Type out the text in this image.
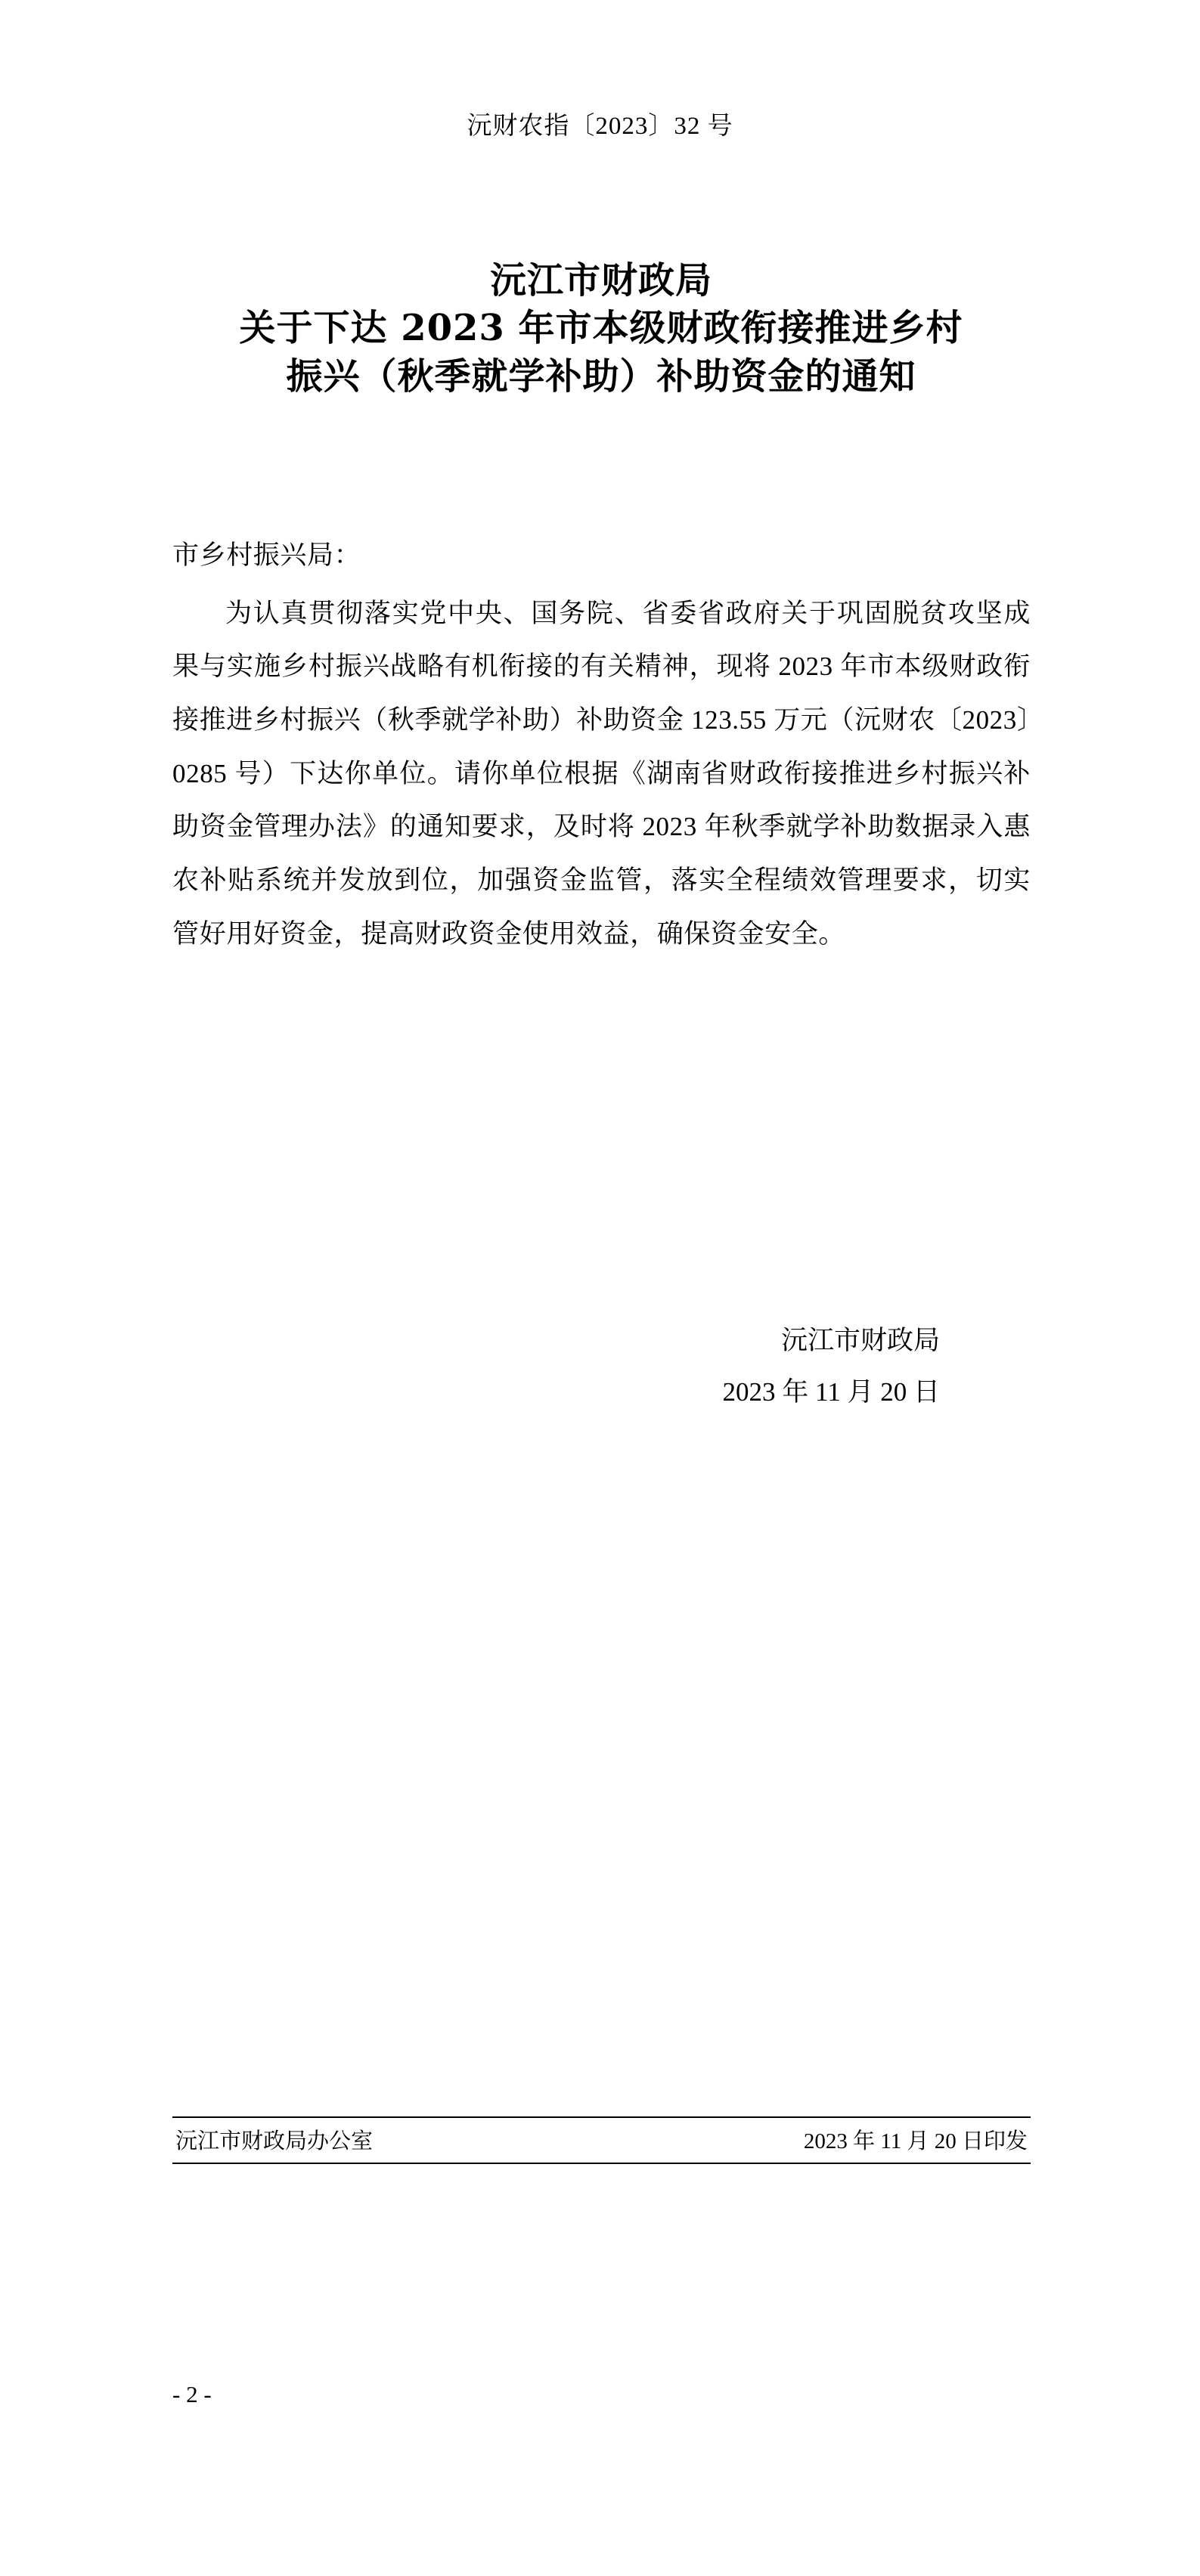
沅财农指〔2023〕32 号
沅江市财政局
关于下达 2023 年市本级财政衔接推进乡村
振兴（秋季就学补助）补助资金的通知

市乡村振兴局：

为认真贯彻落实党中央、国务院、省委省政府关于巩固脱贫攻坚成果与实施乡村振兴战略有机衔接的有关精神，现将 2023 年市本级财政衔接推进乡村振兴（秋季就学补助）补助资金 123.55 万元（沅财农〔2023〕0285 号）下达你单位。请你单位根据《湖南省财政衔接推进乡村振兴补助资金管理办法》的通知要求，及时将 2023 年秋季就学补助数据录入惠农补贴系统并发放到位，加强资金监管，落实全程绩效管理要求，切实管好用好资金，提高财政资金使用效益，确保资金安全。

沅江市财政局
2023 年 11 月 20 日
沅江市财政局办公室	2023 年 11 月 20 日印发
- 2 -
